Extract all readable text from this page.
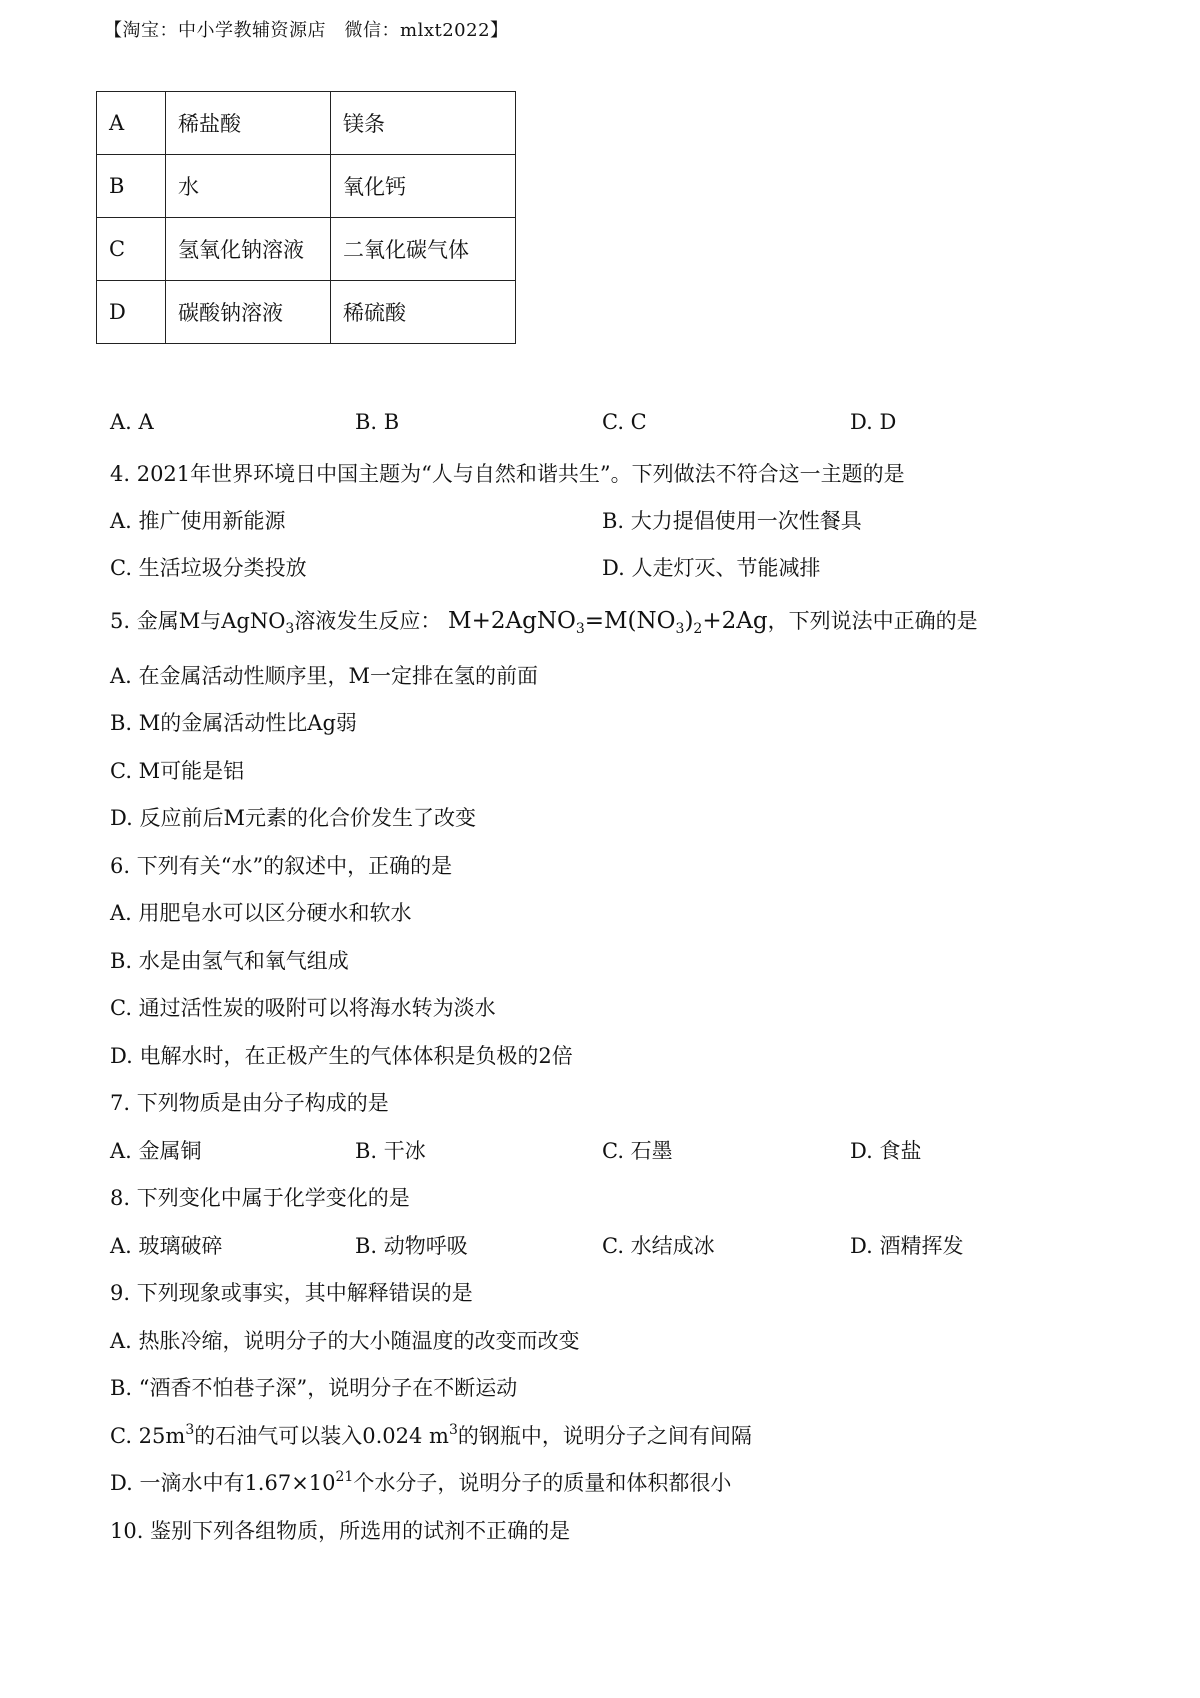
【淘宝：中小学教辅资源店　微信：mlxt2022】
A	稀盐酸	镁条
B	水	氧化钙
C	氢氧化钠溶液	二氧化碳气体
D	碳酸钠溶液	稀硫酸
A. A	B. B	C. C	D. D
4. 2021年世界环境日中国主题为“人与自然和谐共生”。下列做法不符合这一主题的是
A. 推广使用新能源	B. 大力提倡使用一次性餐具
C. 生活垃圾分类投放	D. 人走灯灭、节能减排
5. 金属M与AgNO$_3$溶液发生反应： $M+2AgNO_3=M(NO_3)_2+2Ag$，下列说法中正确的是
A. 在金属活动性顺序里，M一定排在氢的前面
B. M的金属活动性比Ag弱
C. M可能是铝
D. 反应前后M元素的化合价发生了改变
6. 下列有关“水”的叙述中，正确的是
A. 用肥皂水可以区分硬水和软水
B. 水是由氢气和氧气组成
C. 通过活性炭的吸附可以将海水转为淡水
D. 电解水时，在正极产生的气体体积是负极的2倍
7. 下列物质是由分子构成的是
A. 金属铜	B. 干冰	C. 石墨	D. 食盐
8. 下列变化中属于化学变化的是
A. 玻璃破碎	B. 动物呼吸	C. 水结成冰	D. 酒精挥发
9. 下列现象或事实，其中解释错误的是
A. 热胀冷缩，说明分子的大小随温度的改变而改变
B. “酒香不怕巷子深”，说明分子在不断运动
C. $25m^3$的石油气可以装入0.024 $m^3$的钢瓶中，说明分子之间有间隔
D. 一滴水中有$1.67\times 10^{21}$个水分子，说明分子的质量和体积都很小
10. 鉴别下列各组物质，所选用的试剂不正确的是
